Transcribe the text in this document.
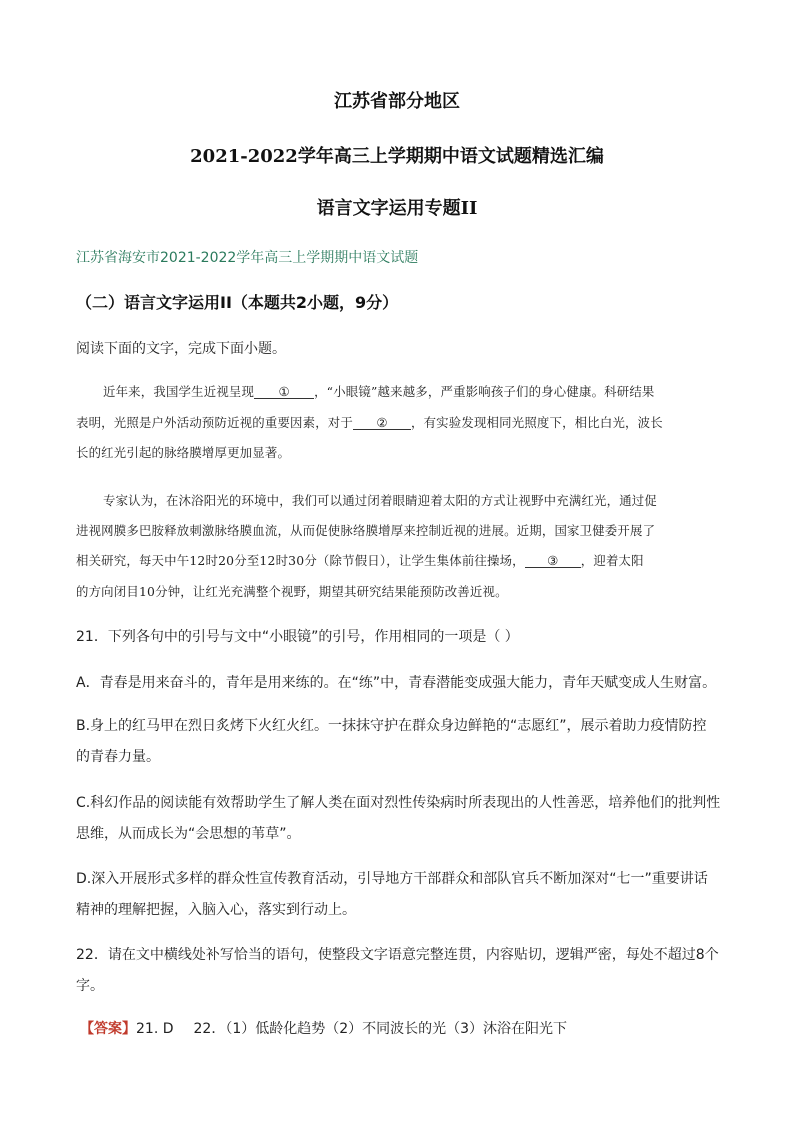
江苏省部分地区
2021-2022学年高三上学期期中语文试题精选汇编
语言文字运用专题II
江苏省海安市2021-2022学年高三上学期期中语文试题
（二）语言文字运用II（本题共2小题，9分）
阅读下面的文字，完成下面小题。
近年来，我国学生近视呈现 ① ，“小眼镜”越来越多，严重影响孩子们的身心健康。科研结果
表明，光照是户外活动预防近视的重要因素，对于 ② ，有实验发现相同光照度下，相比白光，波长
长的红光引起的脉络膜增厚更加显著。
专家认为，在沐浴阳光的环境中，我们可以通过闭着眼睛迎着太阳的方式让视野中充满红光，通过促
进视网膜多巴胺释放刺激脉络膜血流，从而促使脉络膜增厚来控制近视的进展。近期，国家卫健委开展了
相关研究，每天中午12时20分至12时30分（除节假日），让学生集体前往操场， ③ ，迎着太阳
的方向闭目10分钟，让红光充满整个视野，期望其研究结果能预防改善近视。
21．下列各句中的引号与文中“小眼镜”的引号，作用相同的一项是（ ）
A．青春是用来奋斗的，青年是用来练的。在“练”中，青春潜能变成强大能力，青年天赋变成人生财富。
B.身上的红马甲在烈日炙烤下火红火红。一抹抹守护在群众身边鲜艳的“志愿红”，展示着助力疫情防控
的青春力量。
C.科幻作品的阅读能有效帮助学生了解人类在面对烈性传染病时所表现出的人性善恶，培养他们的批判性
思维，从而成长为“会思想的苇草”。
D.深入开展形式多样的群众性宣传教育活动，引导地方干部群众和部队官兵不断加深对“七一”重要讲话
精神的理解把握，入脑入心，落实到行动上。
22．请在文中横线处补写恰当的语句，使整段文字语意完整连贯，内容贴切，逻辑严密，每处不超过8个
字。
【答案】21. D 22．（1）低龄化趋势（2）不同波长的光（3）沐浴在阳光下
